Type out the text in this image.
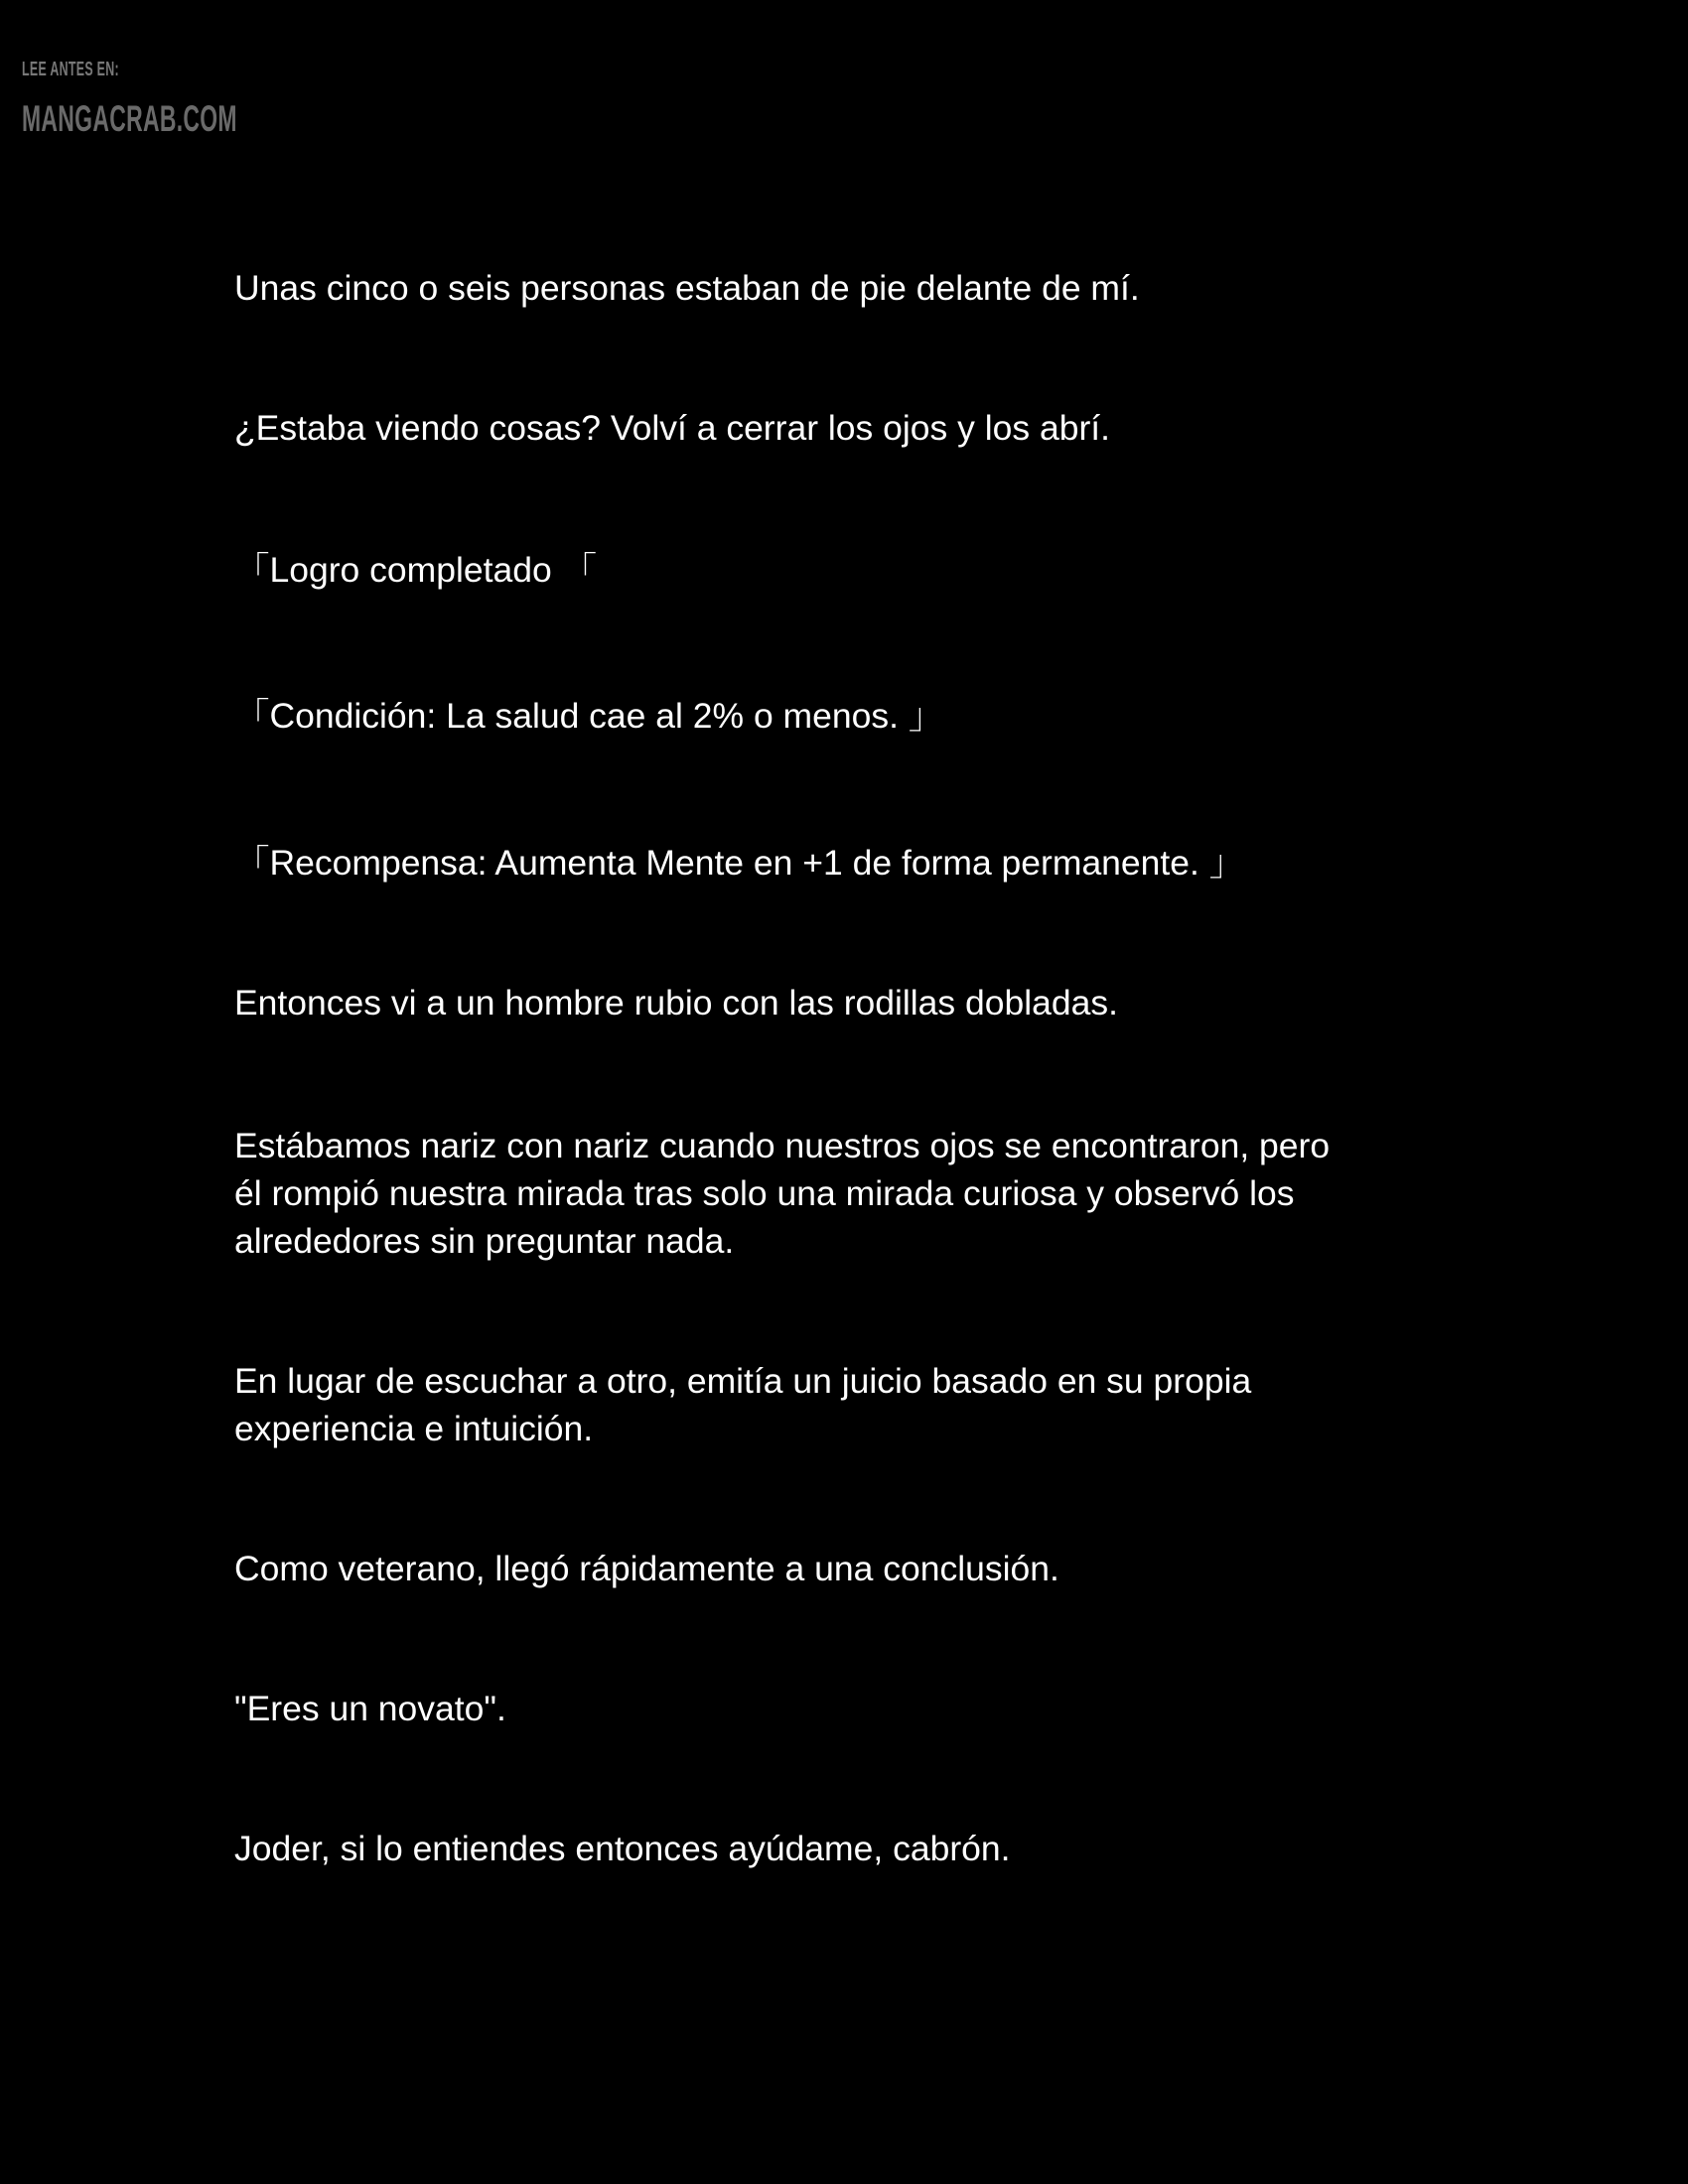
LEE ANTES EN:
MANGACRAB.COM

Unas cinco o seis personas estaban de pie delante de mí.

¿Estaba viendo cosas? Volví a cerrar los ojos y los abrí.

「Logro completado 「

「Condición: La salud cae al 2% o menos. 」

「Recompensa: Aumenta Mente en +1 de forma permanente. 」

Entonces vi a un hombre rubio con las rodillas dobladas.

Estábamos nariz con nariz cuando nuestros ojos se encontraron, pero
él rompió nuestra mirada tras solo una mirada curiosa y observó los
alrededores sin preguntar nada.

En lugar de escuchar a otro, emitía un juicio basado en su propia
experiencia e intuición.

Como veterano, llegó rápidamente a una conclusión.

"Eres un novato".

Joder, si lo entiendes entonces ayúdame, cabrón.
